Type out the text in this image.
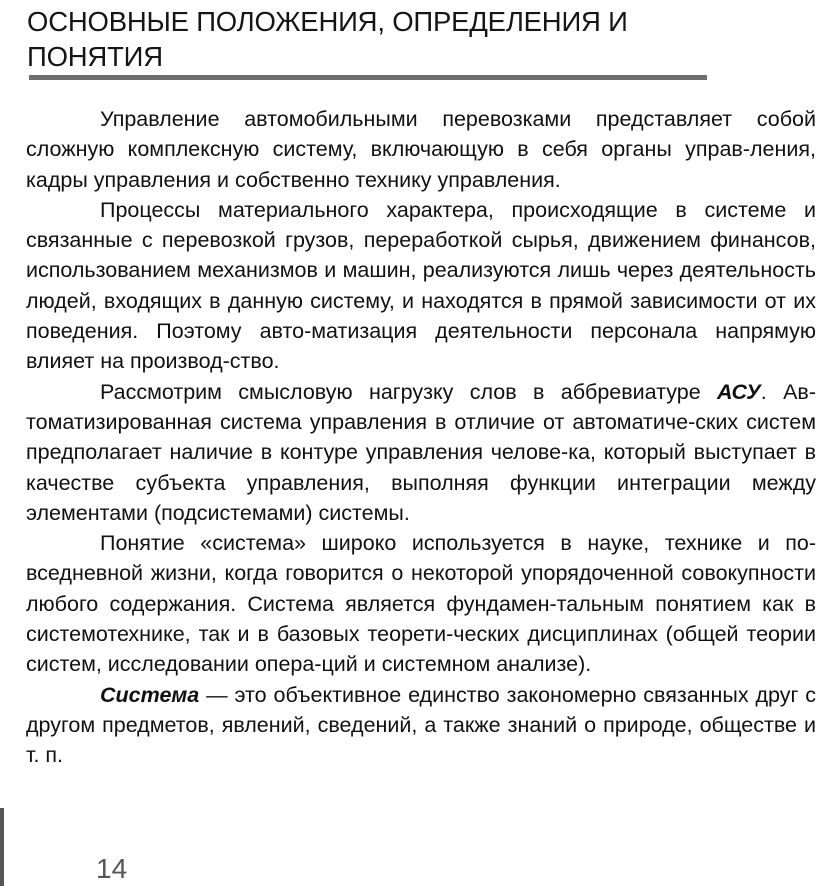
ОСНОВНЫЕ ПОЛОЖЕНИЯ, ОПРЕДЕЛЕНИЯ И
ПОНЯТИЯ

Управление автомобильными перевозками представляет собой сложную комплексную систему, включающую в себя органы управ-ления, кадры управления и собственно технику управления.

Процессы материального характера, происходящие в системе и связанные с перевозкой грузов, переработкой сырья, движением финансов, использованием механизмов и машин, реализуются лишь через деятельность людей, входящих в данную систему, и находятся в прямой зависимости от их поведения. Поэтому авто-матизация деятельности персонала напрямую влияет на производ-ство.

Рассмотрим смысловую нагрузку слов в аббревиатуре АСУ. Ав-томатизированная система управления в отличие от автоматиче-ских систем предполагает наличие в контуре управления челове-ка, который выступает в качестве субъекта управления, выполняя функции интеграции между элементами (подсистемами) системы.

Понятие «система» широко используется в науке, технике и по-вседневной жизни, когда говорится о некоторой упорядоченной совокупности любого содержания. Система является фундамен-тальным понятием как в системотехнике, так и в базовых теорети-ческих дисциплинах (общей теории систем, исследовании опера-ций и системном анализе).

Система — это объективное единство закономерно связанных друг с другом предметов, явлений, сведений, а также знаний о природе, обществе и т. п.

14
